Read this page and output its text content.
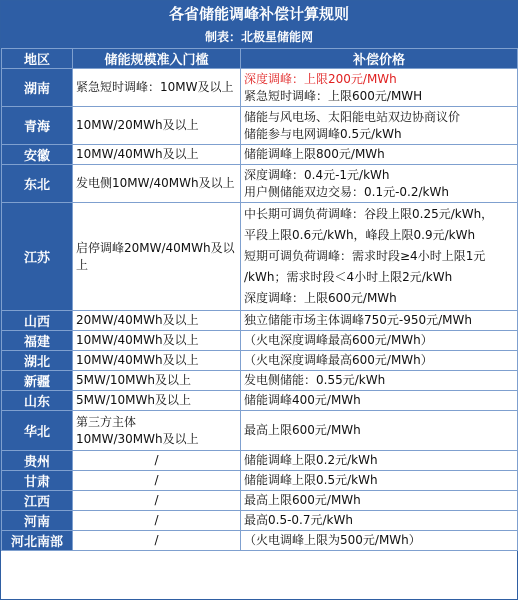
各省储能调峰补偿计算规则
制表：北极星储能网
地区	储能规模准入门槛	补偿价格
湖南	紧急短时调峰：10MW及以上	深度调峰：上限200元/MWh
紧急短时调峰：上限600元/MWH

青海	10MW/20MWh及以上	储能与风电场、太阳能电站双边协商议价
储能参与电网调峰0.5元/kWh

安徽	10MW/40MWh及以上	储能调峰上限800元/MWh
东北	发电侧10MW/40MWh及以上	深度调峰：0.4元-1元/kWh
用户侧储能双边交易：0.1元-0.2/kWh

江苏	启停调峰20MW/40MWh及以上	中长期可调负荷调峰：谷段上限0.25元/kWh，
平段上限0.6元/kWh，峰段上限0.9元/kWh
短期可调负荷调峰：需求时段≥4小时上限1元
/kWh；需求时段＜4小时上限2元/kWh
深度调峰：上限600元/MWh

山西	20MW/40MWh及以上	独立储能市场主体调峰750元-950元/MWh
福建	10MW/40MWh及以上	（火电深度调峰最高600元/MWh）
湖北	10MW/40MWh及以上	（火电深度调峰最高600元/MWh）
新疆	5MW/10MWh及以上	发电侧储能：0.55元/kWh
山东	5MW/10MWh及以上	储能调峰400元/MWh
华北	第三方主体
10MW/30MWh及以上	最高上限600元/MWh
贵州	/	储能调峰上限0.2元/kWh
甘肃	/	储能调峰上限0.5元/kWh
江西	/	最高上限600元/MWh
河南	/	最高0.5-0.7元/kWh
河北南部	/	（火电调峰上限为500元/MWh）
